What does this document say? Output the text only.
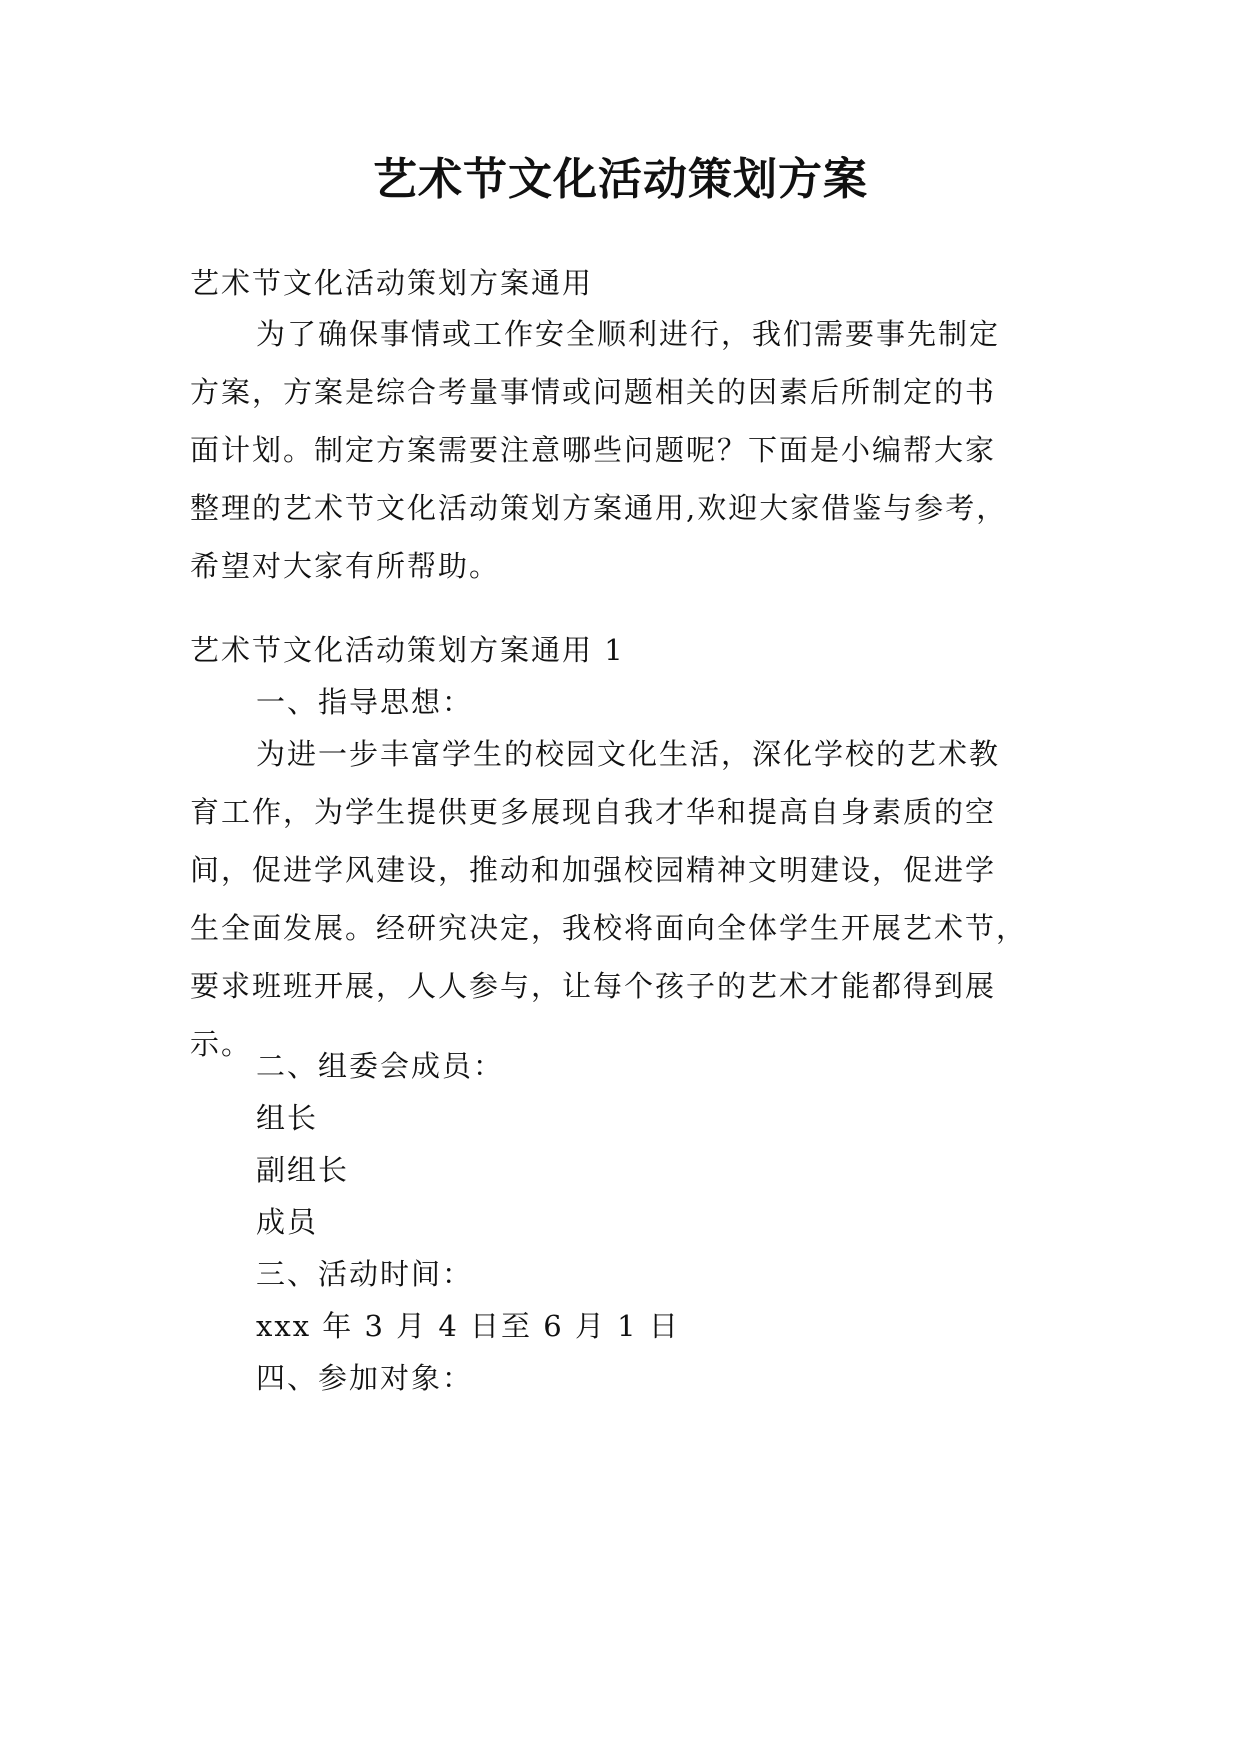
艺术节文化活动策划方案

艺术节文化活动策划方案通用

为了确保事情或工作安全顺利进行，我们需要事先制定
方案，方案是综合考量事情或问题相关的因素后所制定的书
面计划。制定方案需要注意哪些问题呢？下面是小编帮大家
整理的艺术节文化活动策划方案通用,欢迎大家借鉴与参考，
希望对大家有所帮助。

艺术节文化活动策划方案通用 1

一、指导思想：

为进一步丰富学生的校园文化生活，深化学校的艺术教
育工作，为学生提供更多展现自我才华和提高自身素质的空
间，促进学风建设，推动和加强校园精神文明建设，促进学
生全面发展。经研究决定，我校将面向全体学生开展艺术节，
要求班班开展，人人参与，让每个孩子的艺术才能都得到展
示。

二、组委会成员：

组长

副组长

成员

三、活动时间：

xxx 年 3 月 4 日至 6 月 1 日

四、参加对象：
